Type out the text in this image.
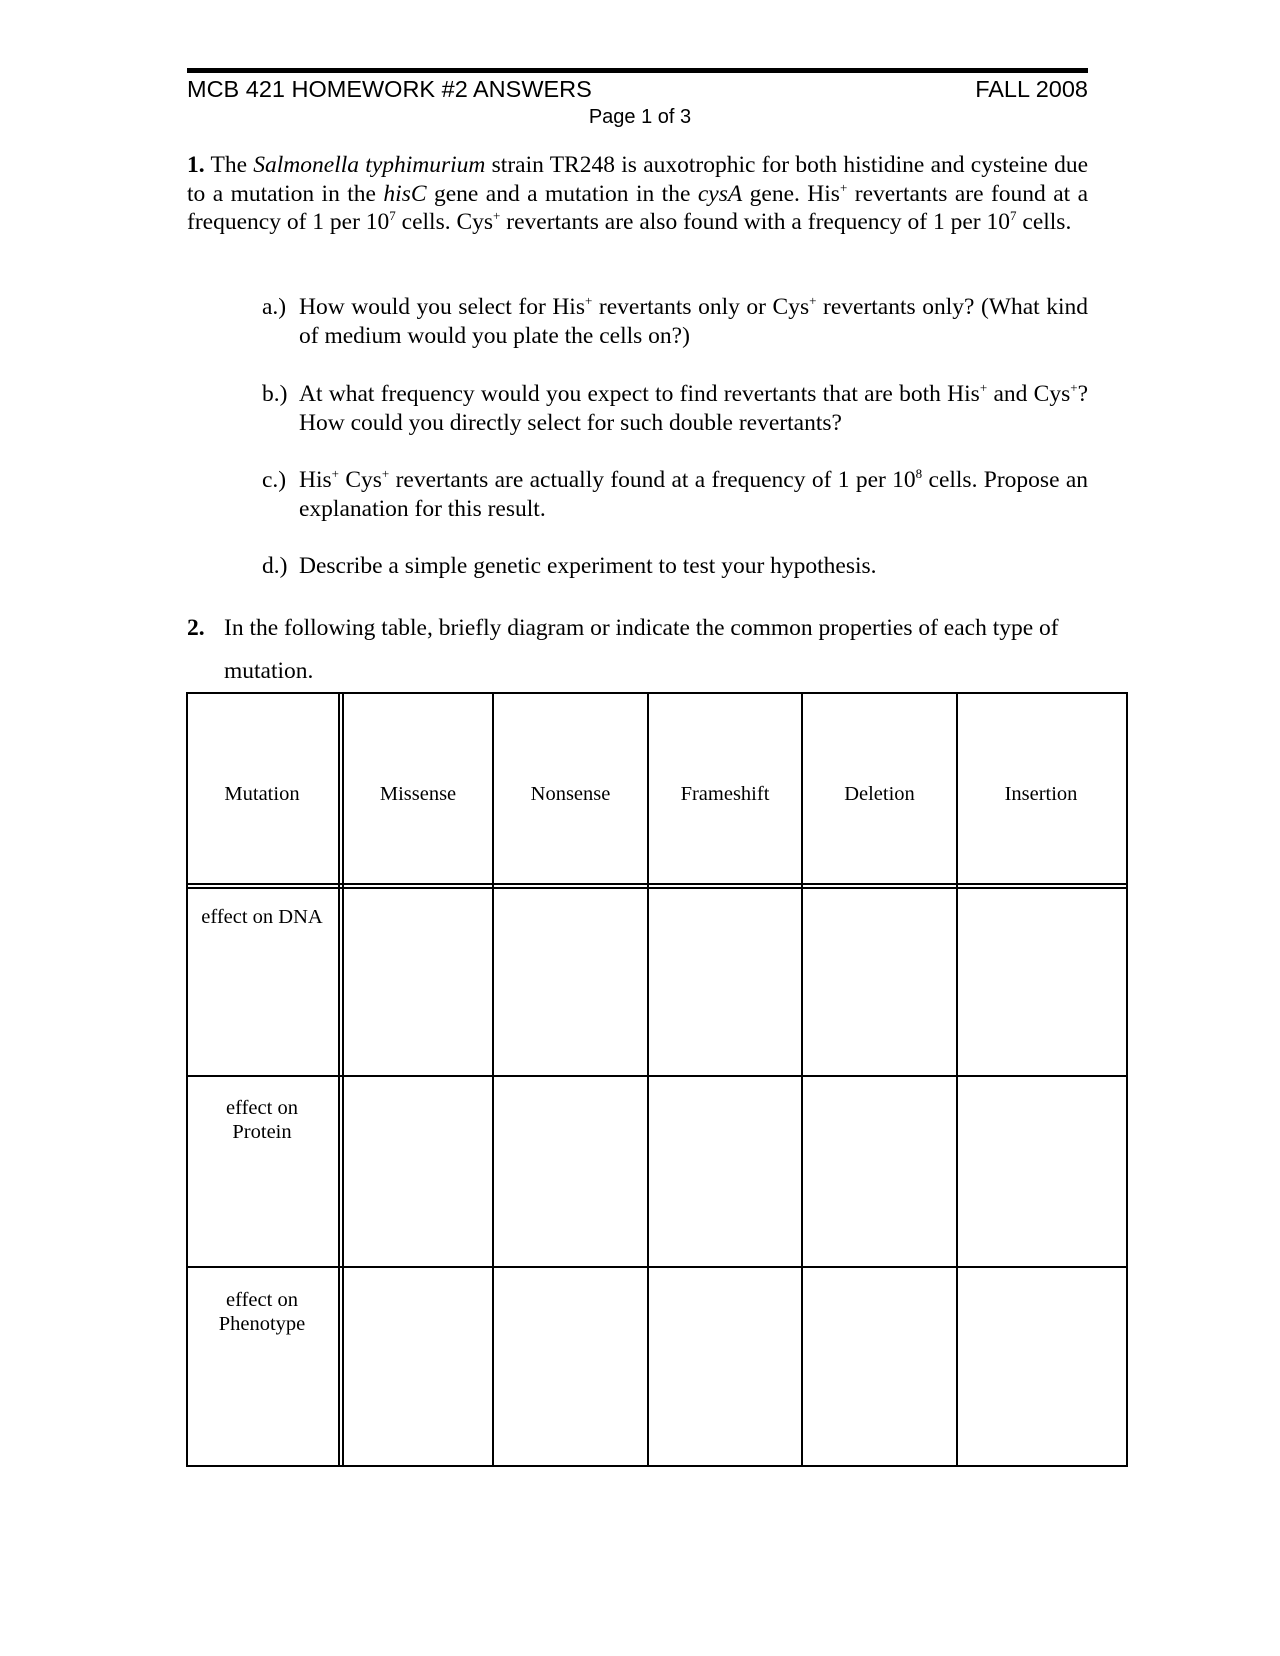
MCB 421 HOMEWORK #2 ANSWERS	FALL 2008
Page 1 of 3
1. The Salmonella typhimurium strain TR248 is auxotrophic for both histidine and cysteine due to a mutation in the hisC gene and a mutation in the cysA gene. His+ revertants are found at a frequency of 1 per $10^7$ cells. Cys+ revertants are also found with a frequency of 1 per $10^7$ cells.
a.) How would you select for His+ revertants only or Cys+ revertants only? (What kind of medium would you plate the cells on?)
b.) At what frequency would you expect to find revertants that are both His+ and Cys+? How could you directly select for such double revertants?
c.) His+ Cys+ revertants are actually found at a frequency of 1 per $10^8$ cells. Propose an explanation for this result.
d.) Describe a simple genetic experiment to test your hypothesis.
2. In the following table, briefly diagram or indicate the common properties of each type of mutation.
Mutation	Missense	Nonsense	Frameshift	Deletion	Insertion
effect on DNA
effect on
Protein
effect on
Phenotype
